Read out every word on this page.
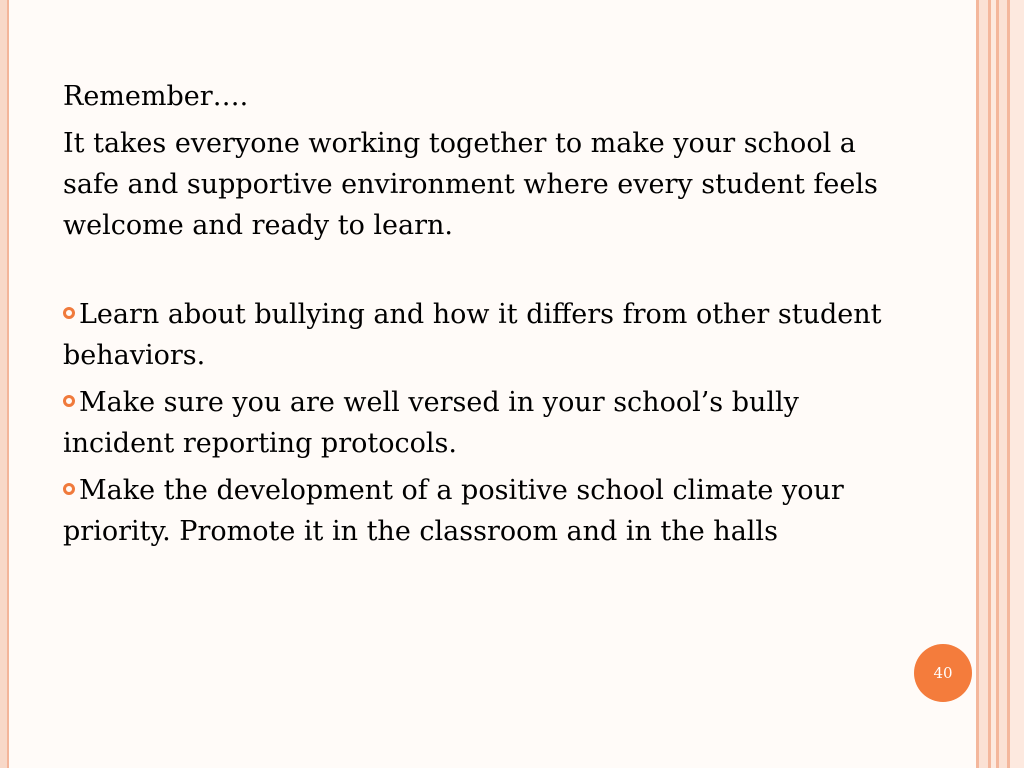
Remember….

It takes everyone working together to make your school a safe and supportive environment where every student feels welcome and ready to learn.

Learn about bullying and how it differs from other student behaviors.

Make sure you are well versed in your school’s bully incident reporting protocols.

Make the development of a positive school climate your priority. Promote it in the classroom and in the halls

40
